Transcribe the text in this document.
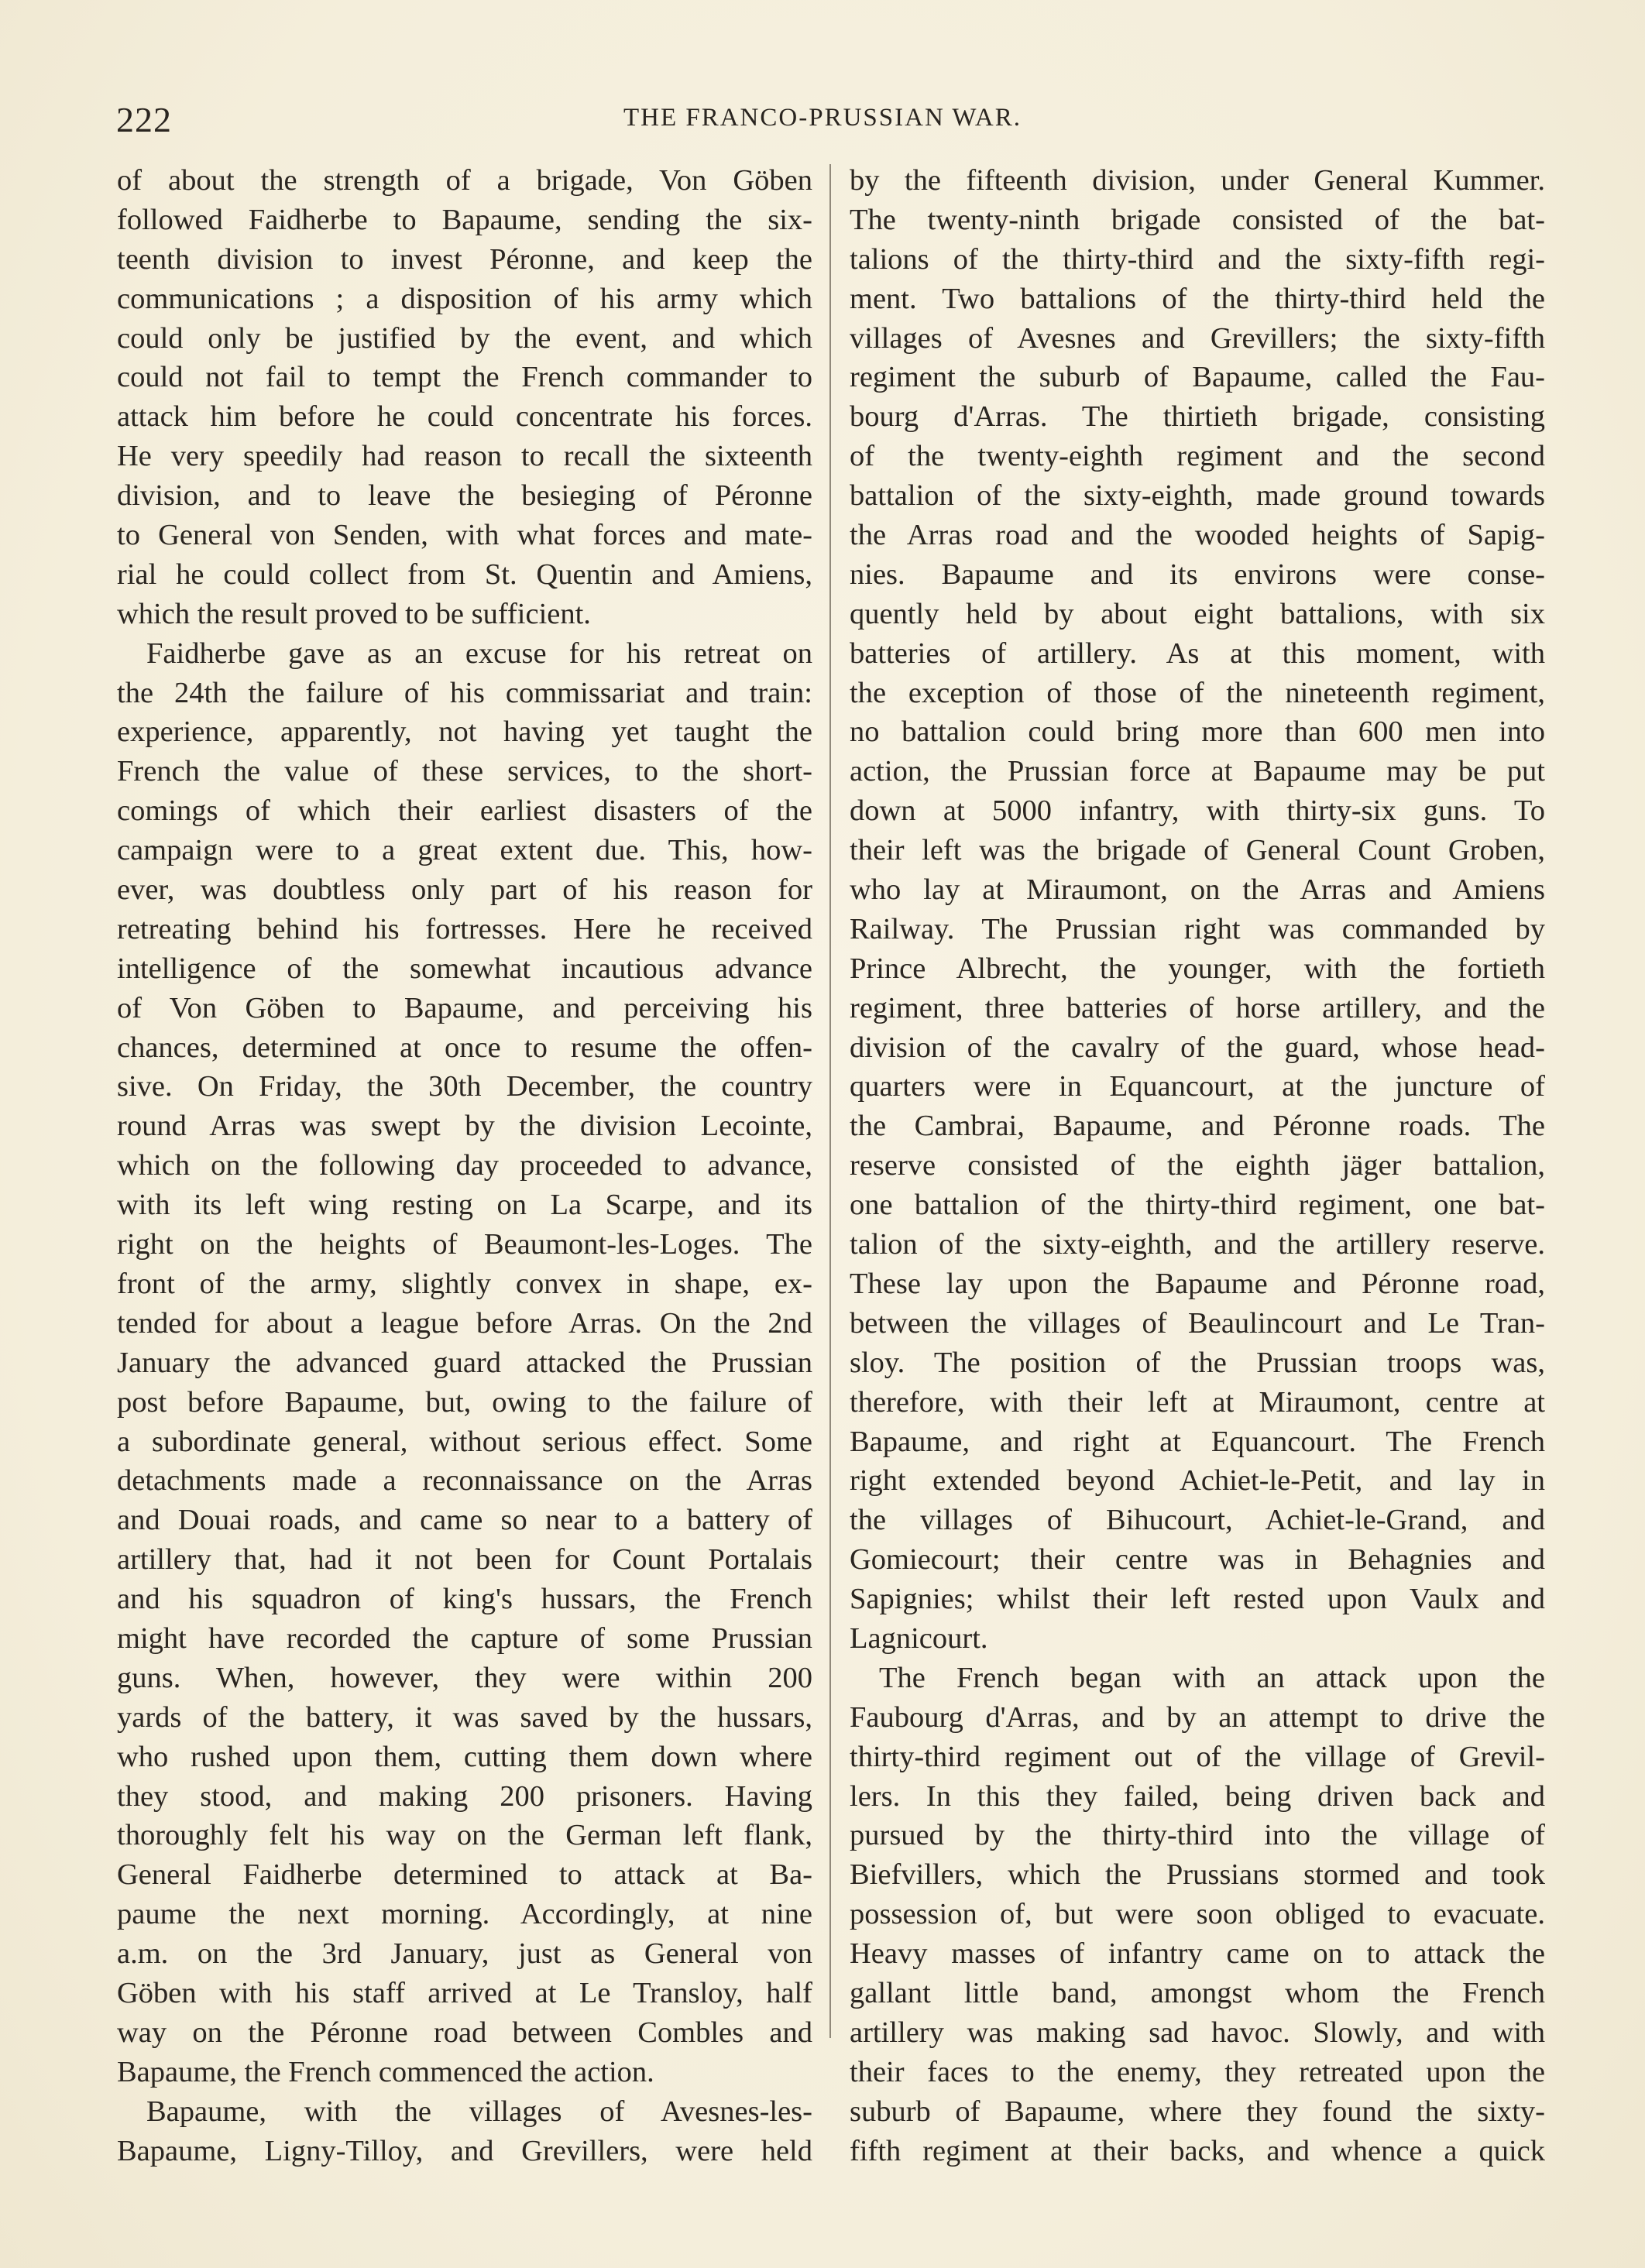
222	THE FRANCO-PRUSSIAN WAR.
of about the strength of a brigade, Von Göben
followed Faidherbe to Bapaume, sending the six-
teenth division to invest Péronne, and keep the
communications ; a disposition of his army which
could only be justified by the event, and which
could not fail to tempt the French commander to
attack him before he could concentrate his forces.
He very speedily had reason to recall the sixteenth
division, and to leave the besieging of Péronne
to General von Senden, with what forces and mate-
rial he could collect from St. Quentin and Amiens,
which the result proved to be sufficient.
Faidherbe gave as an excuse for his retreat on
the 24th the failure of his commissariat and train:
experience, apparently, not having yet taught the
French the value of these services, to the short-
comings of which their earliest disasters of the
campaign were to a great extent due. This, how-
ever, was doubtless only part of his reason for
retreating behind his fortresses. Here he received
intelligence of the somewhat incautious advance
of Von Göben to Bapaume, and perceiving his
chances, determined at once to resume the offen-
sive. On Friday, the 30th December, the country
round Arras was swept by the division Lecointe,
which on the following day proceeded to advance,
with its left wing resting on La Scarpe, and its
right on the heights of Beaumont-les-Loges. The
front of the army, slightly convex in shape, ex-
tended for about a league before Arras. On the 2nd
January the advanced guard attacked the Prussian
post before Bapaume, but, owing to the failure of
a subordinate general, without serious effect. Some
detachments made a reconnaissance on the Arras
and Douai roads, and came so near to a battery of
artillery that, had it not been for Count Portalais
and his squadron of king's hussars, the French
might have recorded the capture of some Prussian
guns. When, however, they were within 200
yards of the battery, it was saved by the hussars,
who rushed upon them, cutting them down where
they stood, and making 200 prisoners. Having
thoroughly felt his way on the German left flank,
General Faidherbe determined to attack at Ba-
paume the next morning. Accordingly, at nine
a.m. on the 3rd January, just as General von
Göben with his staff arrived at Le Transloy, half
way on the Péronne road between Combles and
Bapaume, the French commenced the action.
Bapaume, with the villages of Avesnes-les-
Bapaume, Ligny-Tilloy, and Grevillers, were held
by the fifteenth division, under General Kummer.
The twenty-ninth brigade consisted of the bat-
talions of the thirty-third and the sixty-fifth regi-
ment. Two battalions of the thirty-third held the
villages of Avesnes and Grevillers; the sixty-fifth
regiment the suburb of Bapaume, called the Fau-
bourg d'Arras. The thirtieth brigade, consisting
of the twenty-eighth regiment and the second
battalion of the sixty-eighth, made ground towards
the Arras road and the wooded heights of Sapig-
nies. Bapaume and its environs were conse-
quently held by about eight battalions, with six
batteries of artillery. As at this moment, with
the exception of those of the nineteenth regiment,
no battalion could bring more than 600 men into
action, the Prussian force at Bapaume may be put
down at 5000 infantry, with thirty-six guns. To
their left was the brigade of General Count Groben,
who lay at Miraumont, on the Arras and Amiens
Railway. The Prussian right was commanded by
Prince Albrecht, the younger, with the fortieth
regiment, three batteries of horse artillery, and the
division of the cavalry of the guard, whose head-
quarters were in Equancourt, at the juncture of
the Cambrai, Bapaume, and Péronne roads. The
reserve consisted of the eighth jäger battalion,
one battalion of the thirty-third regiment, one bat-
talion of the sixty-eighth, and the artillery reserve.
These lay upon the Bapaume and Péronne road,
between the villages of Beaulincourt and Le Tran-
sloy. The position of the Prussian troops was,
therefore, with their left at Miraumont, centre at
Bapaume, and right at Equancourt. The French
right extended beyond Achiet-le-Petit, and lay in
the villages of Bihucourt, Achiet-le-Grand, and
Gomiecourt; their centre was in Behagnies and
Sapignies; whilst their left rested upon Vaulx and
Lagnicourt.
The French began with an attack upon the
Faubourg d'Arras, and by an attempt to drive the
thirty-third regiment out of the village of Grevil-
lers. In this they failed, being driven back and
pursued by the thirty-third into the village of
Biefvillers, which the Prussians stormed and took
possession of, but were soon obliged to evacuate.
Heavy masses of infantry came on to attack the
gallant little band, amongst whom the French
artillery was making sad havoc. Slowly, and with
their faces to the enemy, they retreated upon the
suburb of Bapaume, where they found the sixty-
fifth regiment at their backs, and whence a quick
